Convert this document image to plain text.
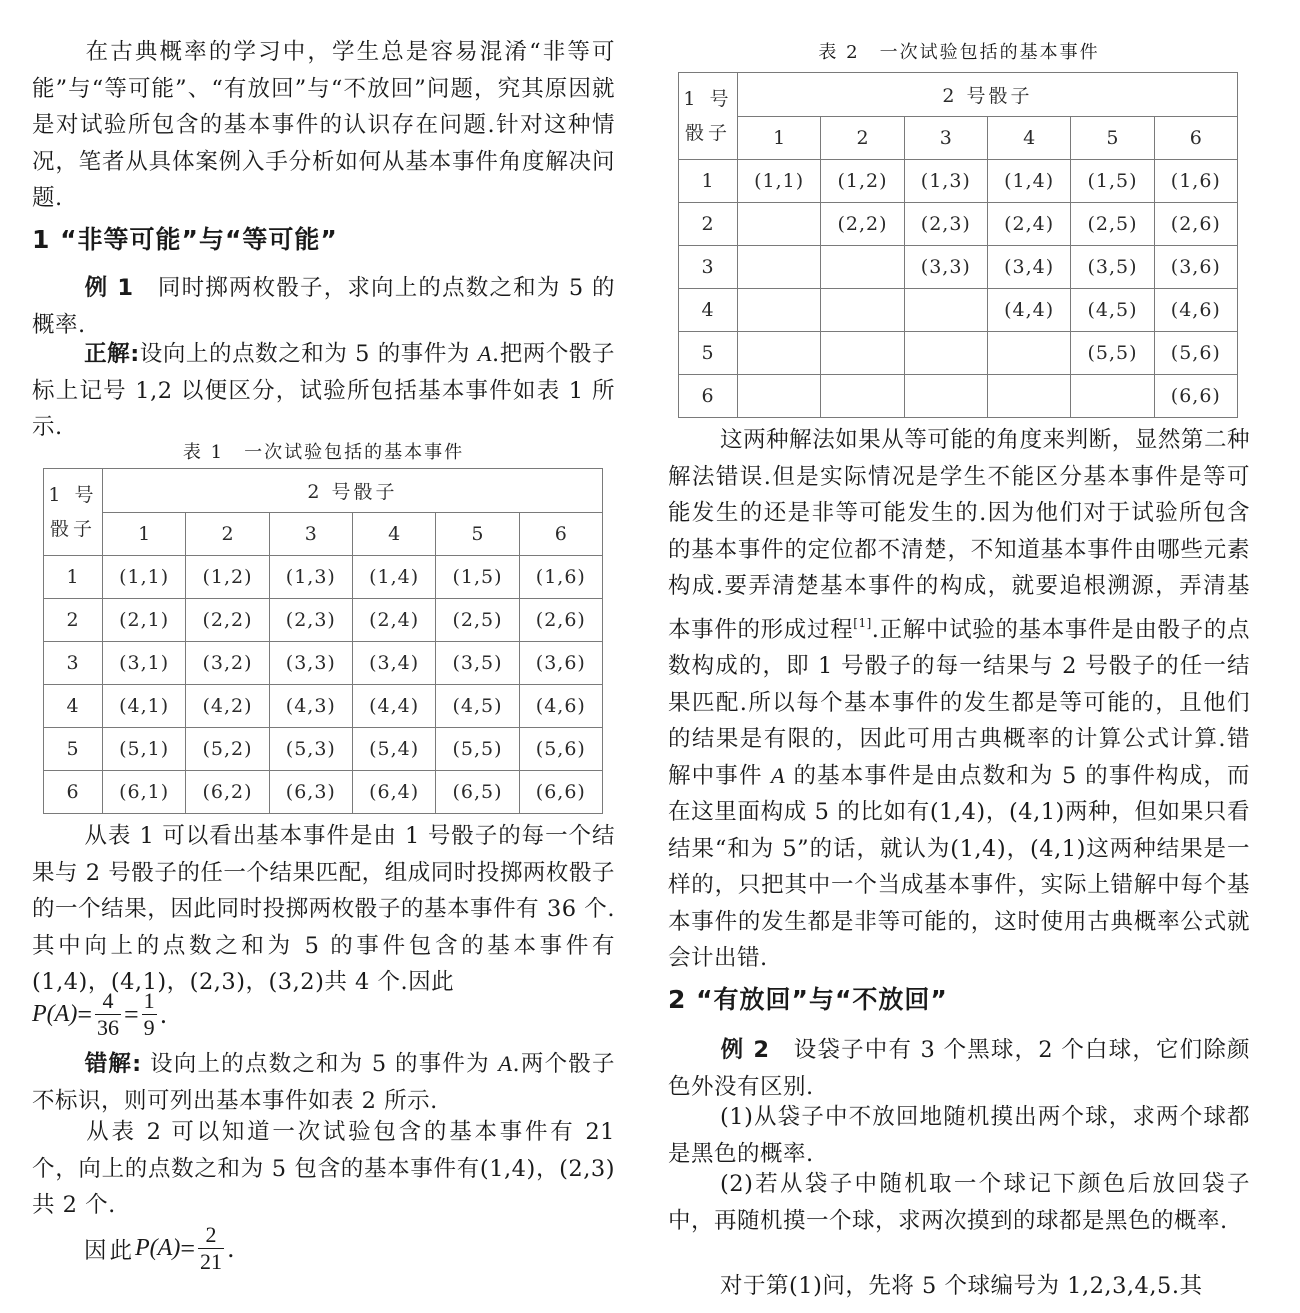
在古典概率的学习中，学生总是容易混淆“非等可能”与“等可能”、“有放回”与“不放回”问题，究其原因就是对试验所包含的基本事件的认识存在问题.针对这种情况，笔者从具体案例入手分析如何从基本事件角度解决问题.

1 “非等可能”与“等可能”

例 1　同时掷两枚骰子，求向上的点数之和为 5 的概率.

正解:设向上的点数之和为 5 的事件为 A.把两个骰子标上记号 1,2 以便区分，试验所包括基本事件如表 1 所示.

表 1　一次试验包括的基本事件

1 号
骰子	2 号骰子					
	1	2	3	4	5	6
1	(1,1)	(1,2)	(1,3)	(1,4)	(1,5)	(1,6)
2	(2,1)	(2,2)	(2,3)	(2,4)	(2,5)	(2,6)
3	(3,1)	(3,2)	(3,3)	(3,4)	(3,5)	(3,6)
4	(4,1)	(4,2)	(4,3)	(4,4)	(4,5)	(4,6)
5	(5,1)	(5,2)	(5,3)	(5,4)	(5,5)	(5,6)
6	(6,1)	(6,2)	(6,3)	(6,4)	(6,5)	(6,6)

从表 1 可以看出基本事件是由 1 号骰子的每一个结果与 2 号骰子的任一个结果匹配，组成同时投掷两枚骰子的一个结果，因此同时投掷两枚骰子的基本事件有 36 个.其中向上的点数之和为 5 的事件包含的基本事件有(1,4)，(4,1)，(2,3)，(3,2)共 4 个.因此

$P(A) = \frac{4}{36} = \frac{1}{9}$ .

错解: 设向上的点数之和为 5 的事件为 A.两个骰子不标识，则可列出基本事件如表 2 所示.

从表 2 可以知道一次试验包含的基本事件有 21 个，向上的点数之和为 5 包含的基本事件有(1,4)，(2,3)共 2 个.

因此 $P(A) = \frac{2}{21}$ .

表 2　一次试验包括的基本事件

1 号
骰子	2 号骰子					
	1	2	3	4	5	6
1	(1,1)	(1,2)	(1,3)	(1,4)	(1,5)	(1,6)
2		(2,2)	(2,3)	(2,4)	(2,5)	(2,6)
3			(3,3)	(3,4)	(3,5)	(3,6)
4				(4,4)	(4,5)	(4,6)
5					(5,5)	(5,6)
6						(6,6)

这两种解法如果从等可能的角度来判断，显然第二种解法错误.但是实际情况是学生不能区分基本事件是等可能发生的还是非等可能发生的.因为他们对于试验所包含的基本事件的定位都不清楚，不知道基本事件由哪些元素构成.要弄清楚基本事件的构成，就要追根溯源，弄清基本事件的形成过程[1].正解中试验的基本事件是由骰子的点数构成的，即 1 号骰子的每一结果与 2 号骰子的任一结果匹配.所以每个基本事件的发生都是等可能的，且他们的结果是有限的，因此可用古典概率的计算公式计算.错解中事件 A 的基本事件是由点数和为 5 的事件构成，而在这里面构成 5 的比如有(1,4)，(4,1)两种，但如果只看结果“和为 5”的话，就认为(1,4)，(4,1)这两种结果是一样的，只把其中一个当成基本事件，实际上错解中每个基本事件的发生都是非等可能的，这时使用古典概率公式就会计出错.

2 “有放回”与“不放回”

例 2　设袋子中有 3 个黑球，2 个白球，它们除颜色外没有区别.

(1)从袋子中不放回地随机摸出两个球，求两个球都是黑色的概率.

(2)若从袋子中随机取一个球记下颜色后放回袋子中，再随机摸一个球，求两次摸到的球都是黑色的概率.

对于第(1)问，先将 5 个球编号为 1,2,3,4,5.其
